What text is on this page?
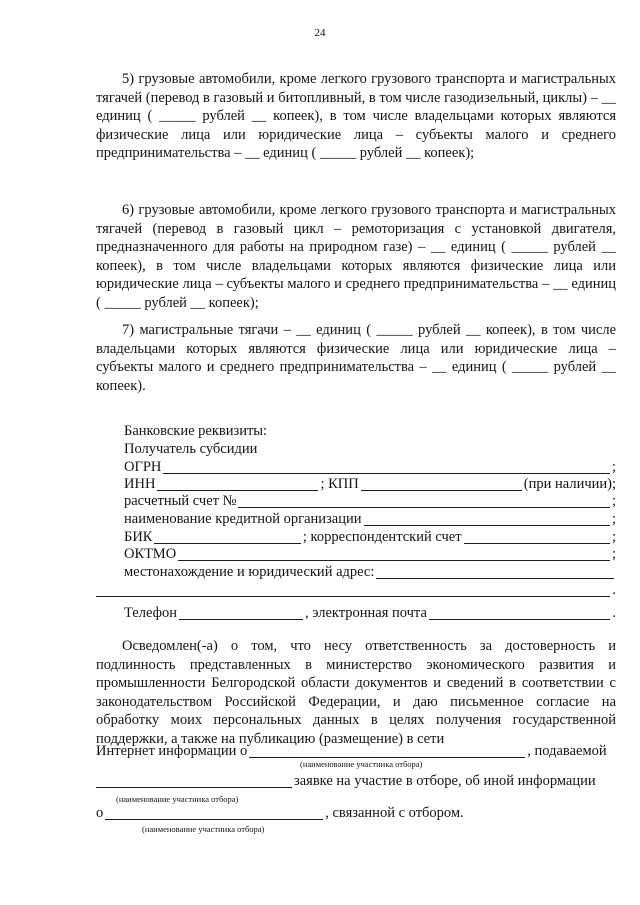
24

5) грузовые автомобили, кроме легкого грузового транспорта и магистральных тягачей (перевод в газовый и битопливный, в том числе газодизельный, циклы) – __ единиц ( _____ рублей __ копеек), в том числе владельцами которых являются физические лица или юридические лица – субъекты малого и среднего предпринимательства – __ единиц ( _____ рублей __ копеек);

6) грузовые автомобили, кроме легкого грузового транспорта и магистральных тягачей (перевод в газовый цикл – ремоторизация с установкой двигателя, предназначенного для работы на природном газе) – __ единиц ( _____ рублей __ копеек), в том числе владельцами которых являются физические лица или юридические лица – субъекты малого и среднего предпринимательства – __ единиц ( _____ рублей __ копеек);

7) магистральные тягачи – __ единиц ( _____ рублей __ копеек), в том числе владельцами которых являются физические лица или юридические лица – субъекты малого и среднего предпринимательства – __ единиц ( _____ рублей __ копеек).

Банковские реквизиты:
Получатель субсидии
ОГРН	;
ИНН	; КПП	(при наличии);
расчетный счет №	;
наименование кредитной организации	;
БИК	; корреспондентский счет	;
ОКТМО	;
местонахождение и юридический адрес:
.
Телефон	, электронная почта	.

Осведомлен(-а) о том, что несу ответственность за достоверность и подлинность представленных в министерство экономического развития и промышленности Белгородской области документов и сведений в соответствии с законодательством Российской Федерации, и даю письменное согласие на обработку моих персональных данных в целях получения государственной поддержки, а также на публикацию (размещение) в сети

Интернет информации о	, подаваемой
(наименование участника отбора)
заявке на участие в отборе, об иной информации
(наименование участника отбора)
о	, связанной с отбором.
(наименование участника отбора)
